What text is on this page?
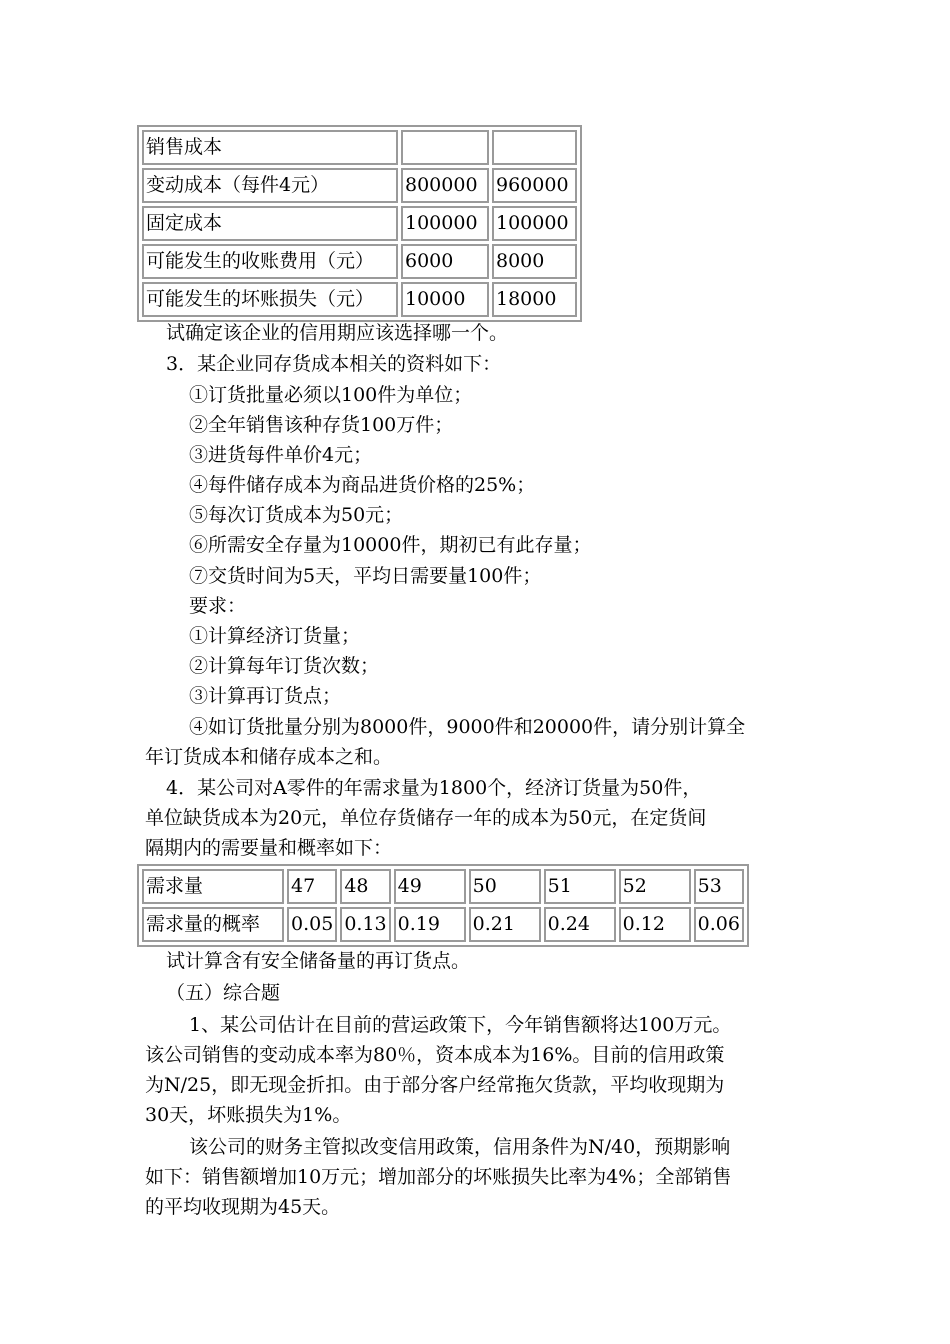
销售成本		
变动成本（每件4元）	800000	960000
固定成本	100000	100000
可能发生的收账费用（元）	6000	8000
可能发生的坏账损失（元）	10000	18000
试确定该企业的信用期应该选择哪一个。
3．某企业同存货成本相关的资料如下：
①订货批量必须以100件为单位；
②全年销售该种存货100万件；
③进货每件单价4元；
④每件储存成本为商品进货价格的25%；
⑤每次订货成本为50元；
⑥所需安全存量为10000件，期初已有此存量；
⑦交货时间为5天，平均日需要量100件；
要求：
①计算经济订货量；
②计算每年订货次数；
③计算再订货点；
④如订货批量分别为8000件，9000件和20000件，请分别计算全
年订货成本和储存成本之和。
4．某公司对A零件的年需求量为1800个，经济订货量为50件，
单位缺货成本为20元，单位存货储存一年的成本为50元，在定货间
隔期内的需要量和概率如下：
需求量	47	48	49	50	51	52	53
需求量的概率	0.05	0.13	0.19	0.21	0.24	0.12	0.06
试计算含有安全储备量的再订货点。
（五）综合题
1、某公司估计在目前的营运政策下，今年销售额将达100万元。
该公司销售的变动成本率为80％，资本成本为16%。目前的信用政策
为N/25，即无现金折扣。由于部分客户经常拖欠货款，平均收现期为
30天，坏账损失为1%。
该公司的财务主管拟改变信用政策，信用条件为N/40，预期影响
如下：销售额增加10万元；增加部分的坏账损失比率为4%；全部销售
的平均收现期为45天。
